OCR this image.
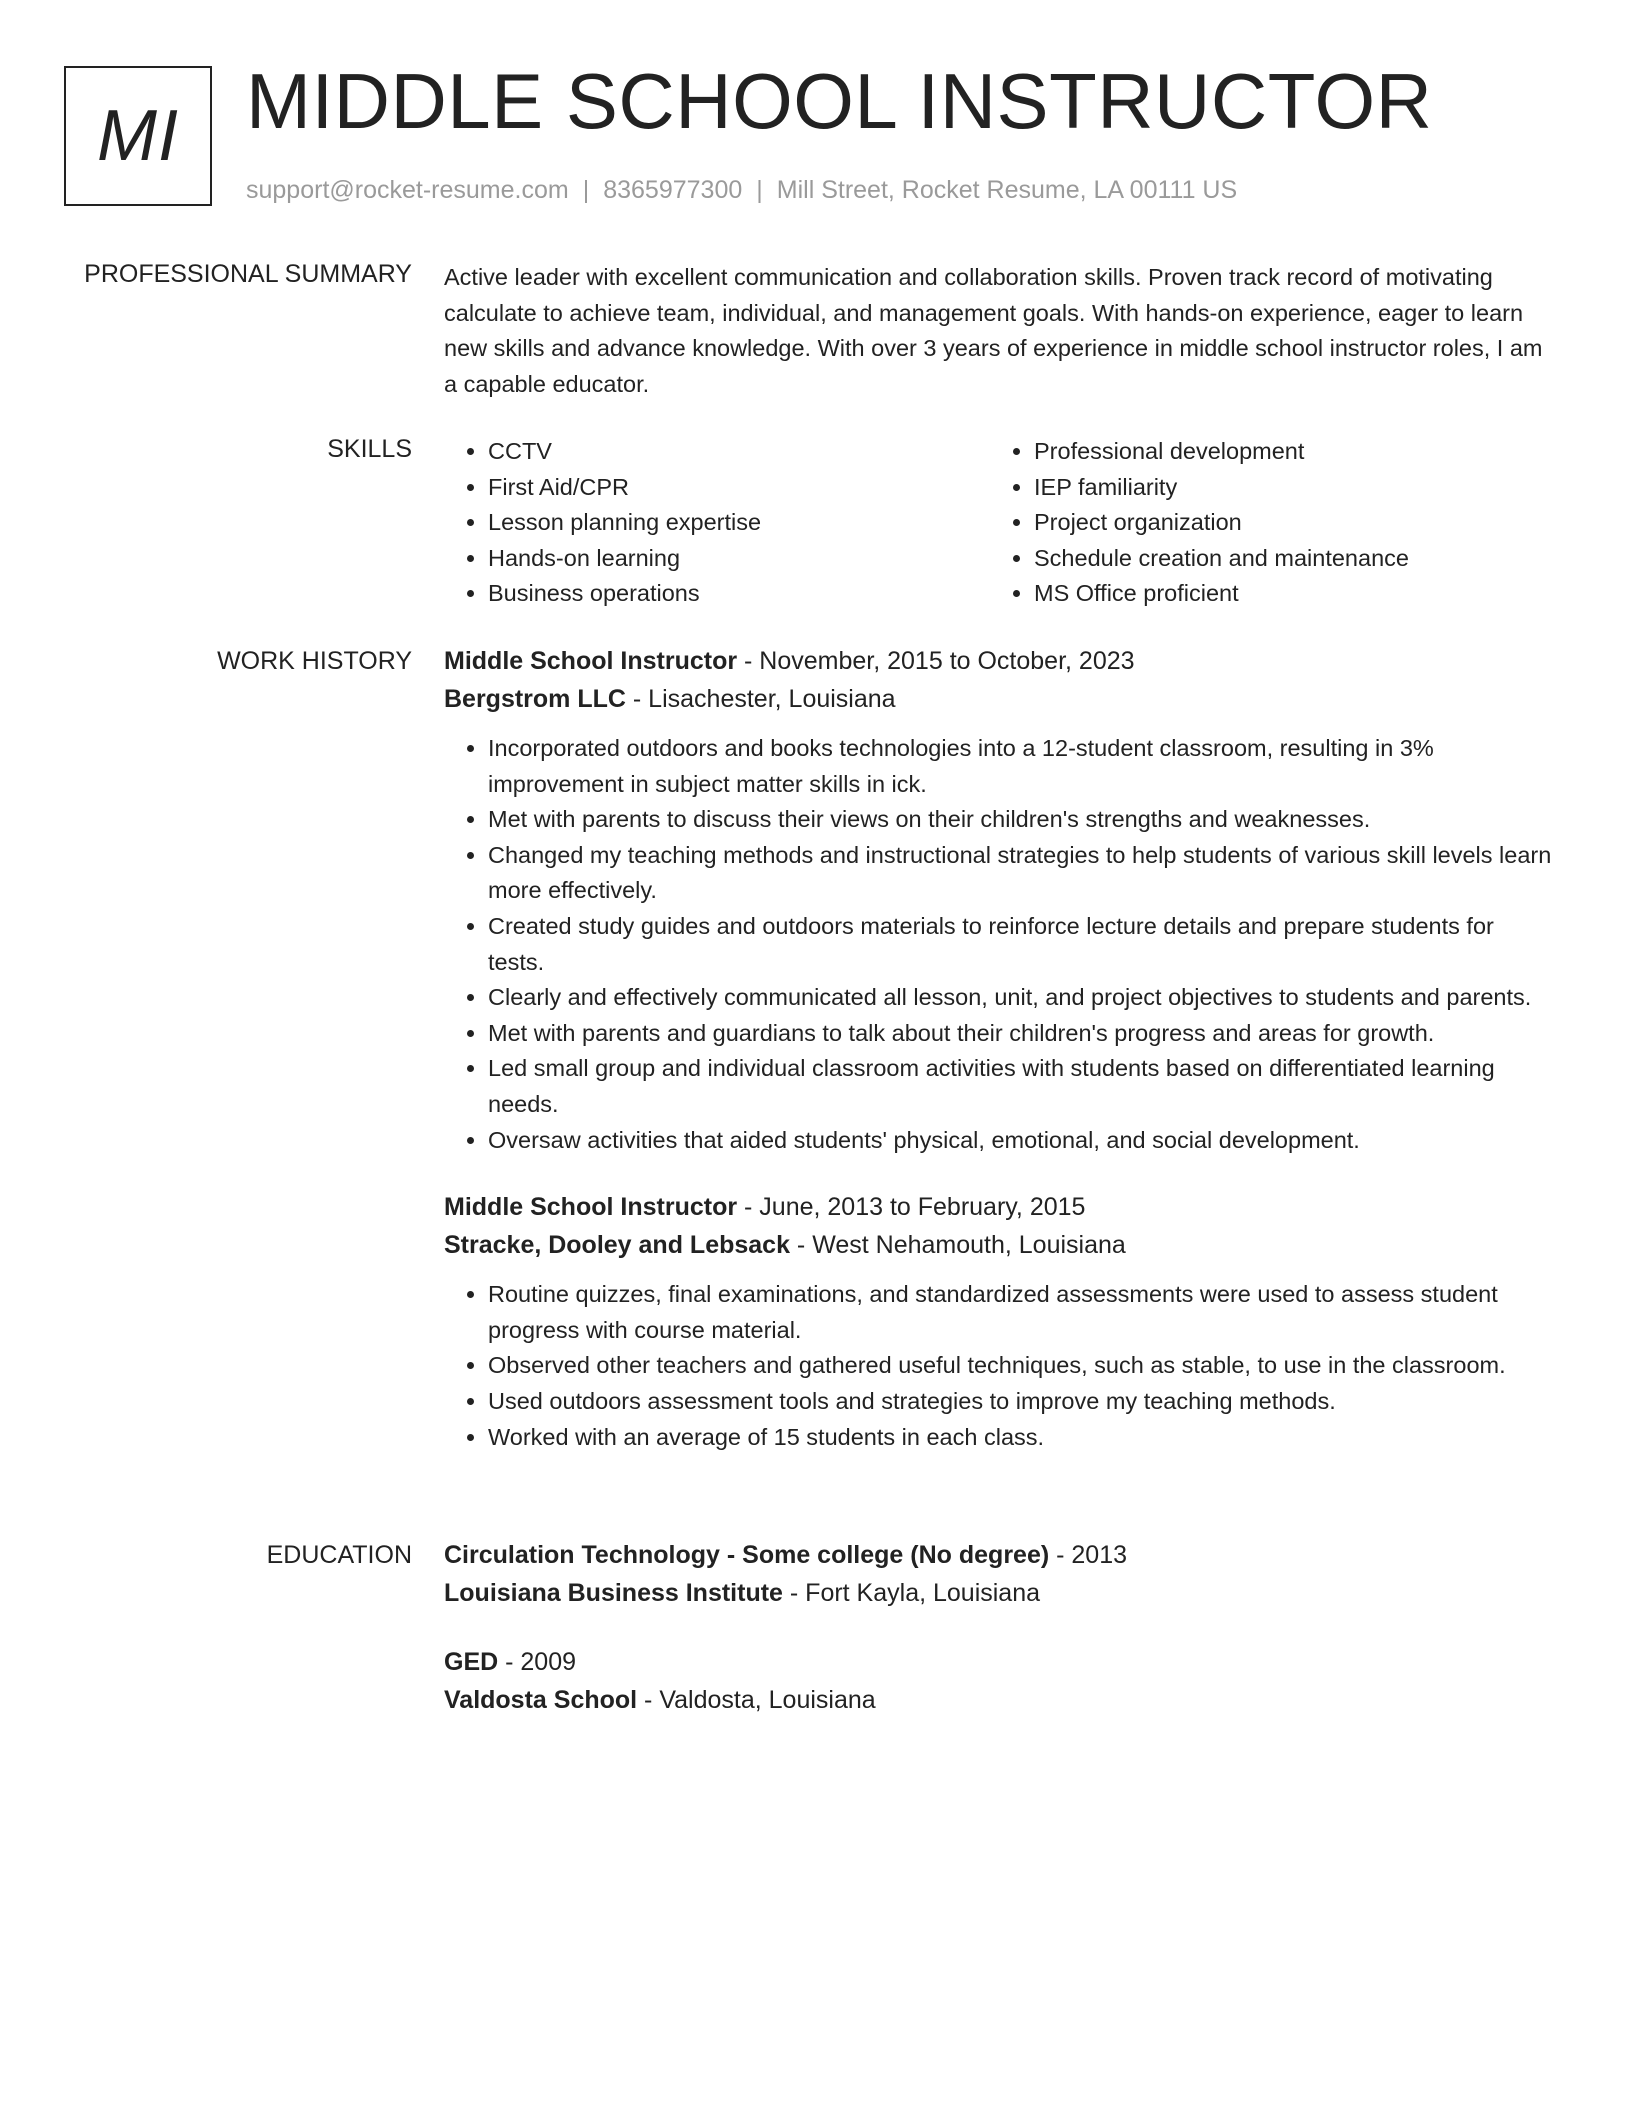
MI MIDDLE SCHOOL INSTRUCTOR
support@rocket-resume.com | 8365977300 | Mill Street, Rocket Resume, LA 00111 US
PROFESSIONAL SUMMARY Active leader with excellent communication and collaboration skills. Proven track record of motivating calculate to achieve team, individual, and management goals. With hands-on experience, eager to learn new skills and advance knowledge. With over 3 years of experience in middle school instructor roles, I am a capable educator.

SKILLS
•	CCTV
• First Aid/CPR
• Lesson planning expertise
• Hands-on learning
• Business operations
• Professional development
• IEP familiarity
• Project organization
• Schedule creation and maintenance
• MS Office proficient
WORK HISTORY Middle School Instructor - November, 2015 to October, 2023
Bergstrom LLC - Lisachester, Louisiana
• Incorporated outdoors and books technologies into a 12-student classroom, resulting in 3% improvement in subject matter skills in ick.
• Met with parents to discuss their views on their children's strengths and weaknesses.
• Changed my teaching methods and instructional strategies to help students of various skill levels learn more effectively.
• Created study guides and outdoors materials to reinforce lecture details and prepare students for tests.
• Clearly and effectively communicated all lesson, unit, and project objectives to students and parents.
• Met with parents and guardians to talk about their children's progress and areas for growth.
• Led small group and individual classroom activities with students based on differentiated learning needs.
• Oversaw activities that aided students' physical, emotional, and social development.
Middle School Instructor - June, 2013 to February, 2015
Stracke, Dooley and Lebsack - West Nehamouth, Louisiana
• Routine quizzes, final examinations, and standardized assessments were used to assess student progress with course material.
• Observed other teachers and gathered useful techniques, such as stable, to use in the classroom.
• Used outdoors assessment tools and strategies to improve my teaching methods.
• Worked with an average of 15 students in each class.
EDUCATION Circulation Technology - Some college (No degree) - 2013
Louisiana Business Institute - Fort Kayla, Louisiana
GED - 2009
Valdosta School - Valdosta, Louisiana
